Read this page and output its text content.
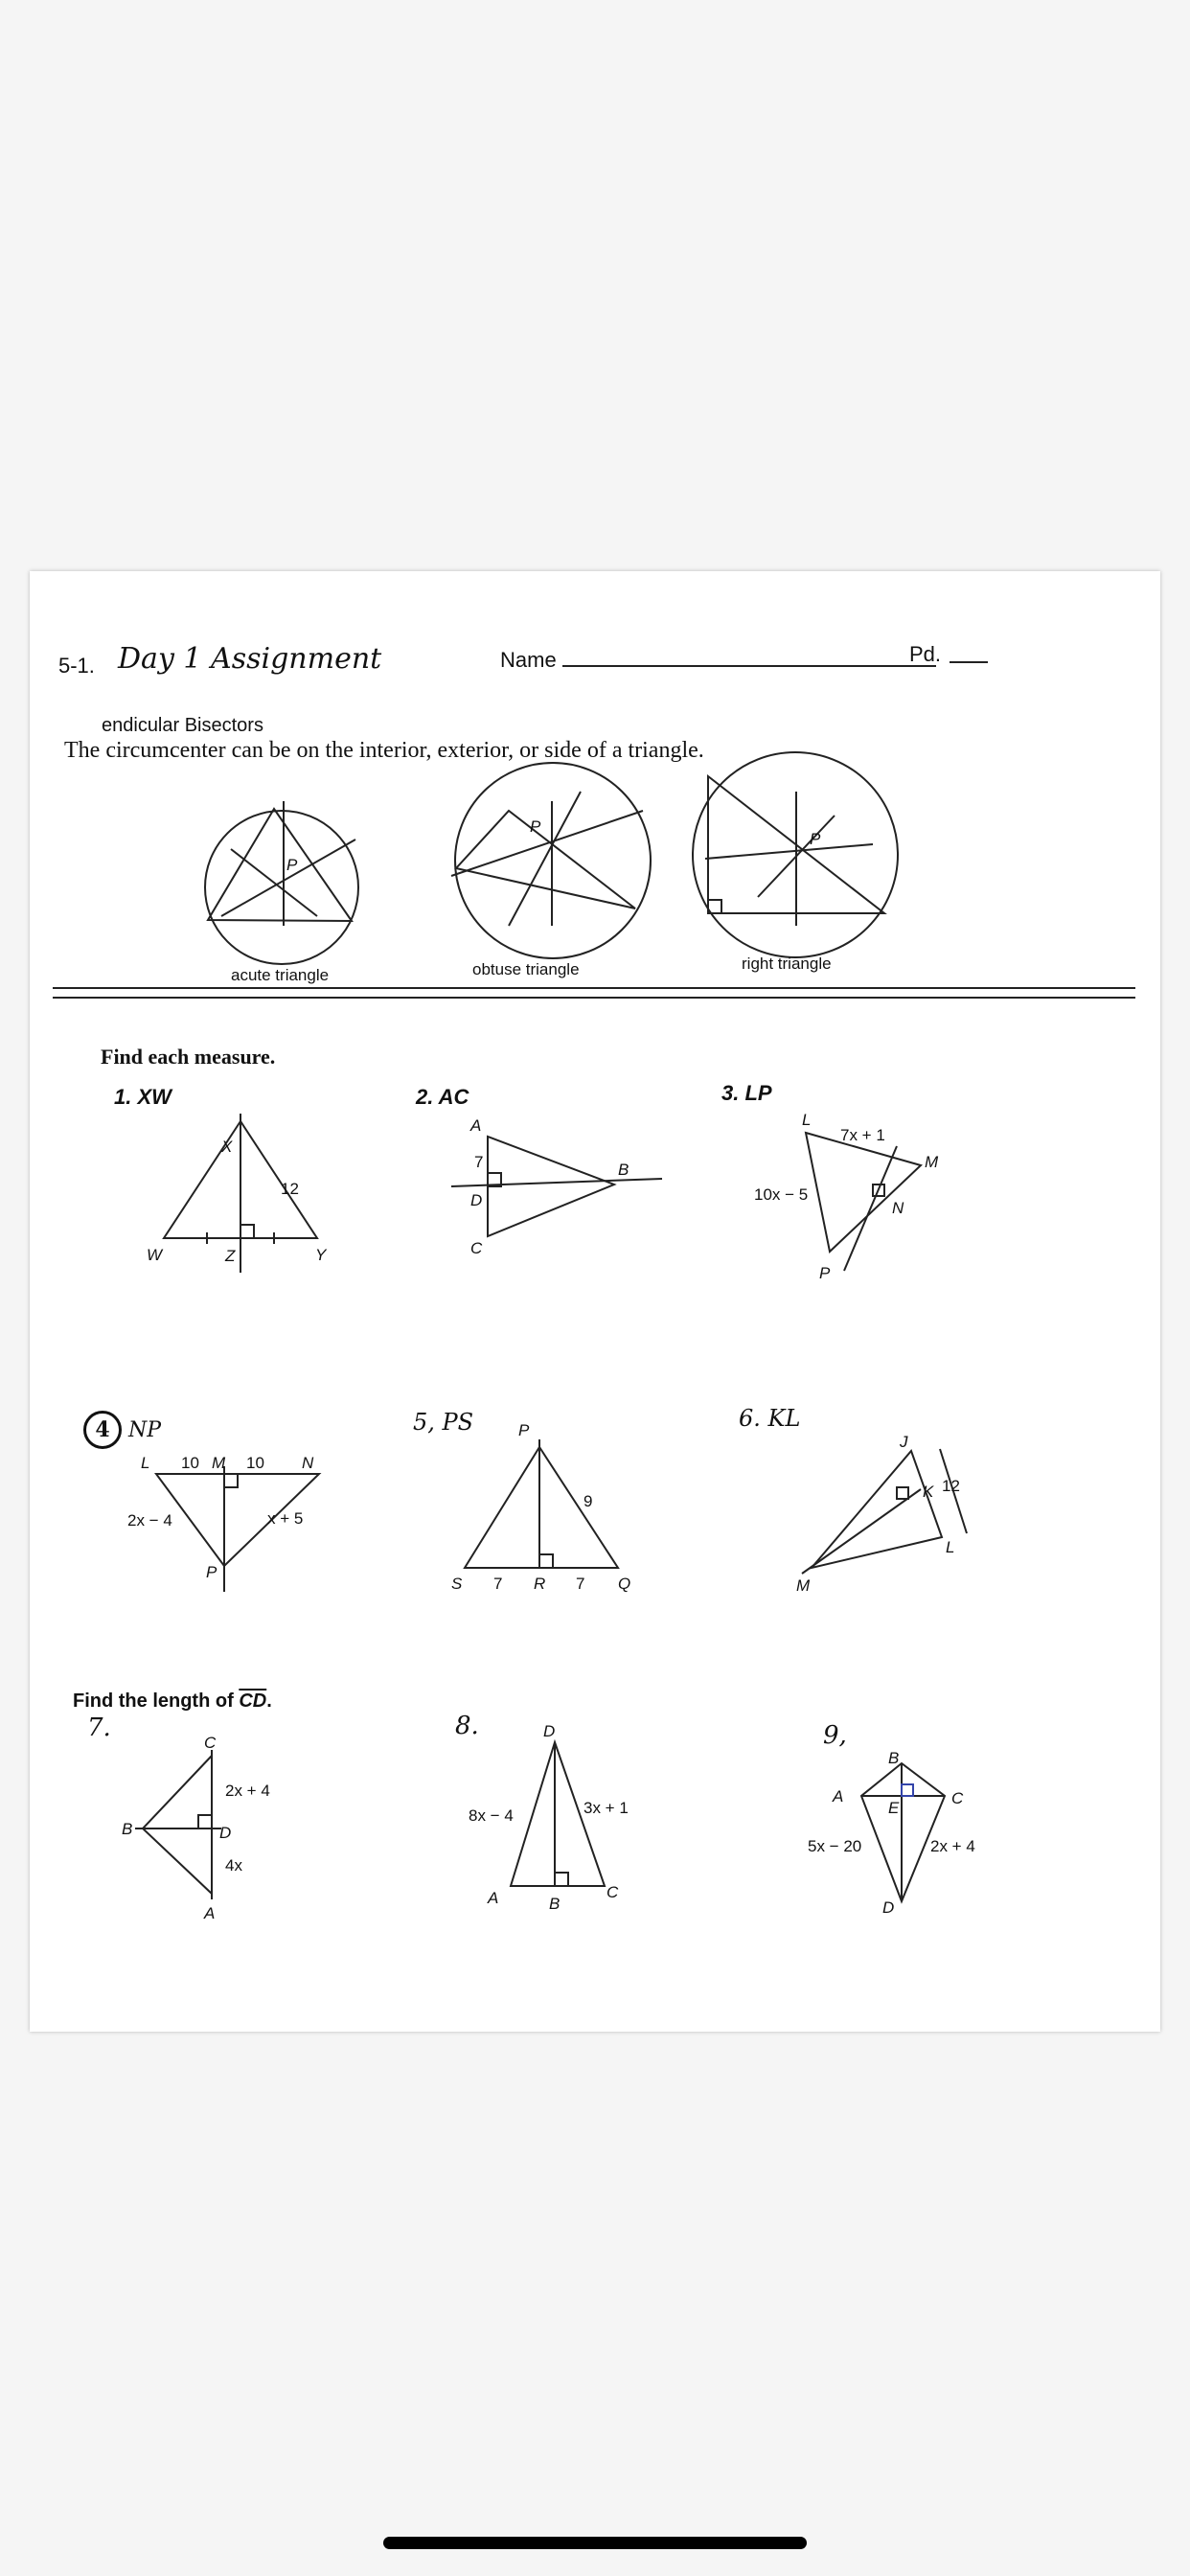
5-1. Day 1 Assignment	Name	Pd.
endicular Bisectors
The circumcenter can be on the interior, exterior, or side of a triangle.
P
acute triangle
P
obtuse triangle
P
right triangle
Find each measure.
1. XW
X
W	Z	Y
12
2. AC
A
D
C
B
7
3. LP
L
M
N
P
7x + 1
10x − 5
4 NP
L	M	N
P
10	10
2x − 4	x + 5
5, PS	P
S	R	Q
9
7	7
6. KL
J
K
L
M
12
Find the length of $\overline{CD}$.
7.
C
B	D
A
2x + 4
4x
8.	D
A	B
C
8x − 4	3x + 1
9,
B
A
E
C
D
5x − 20	2x + 4
